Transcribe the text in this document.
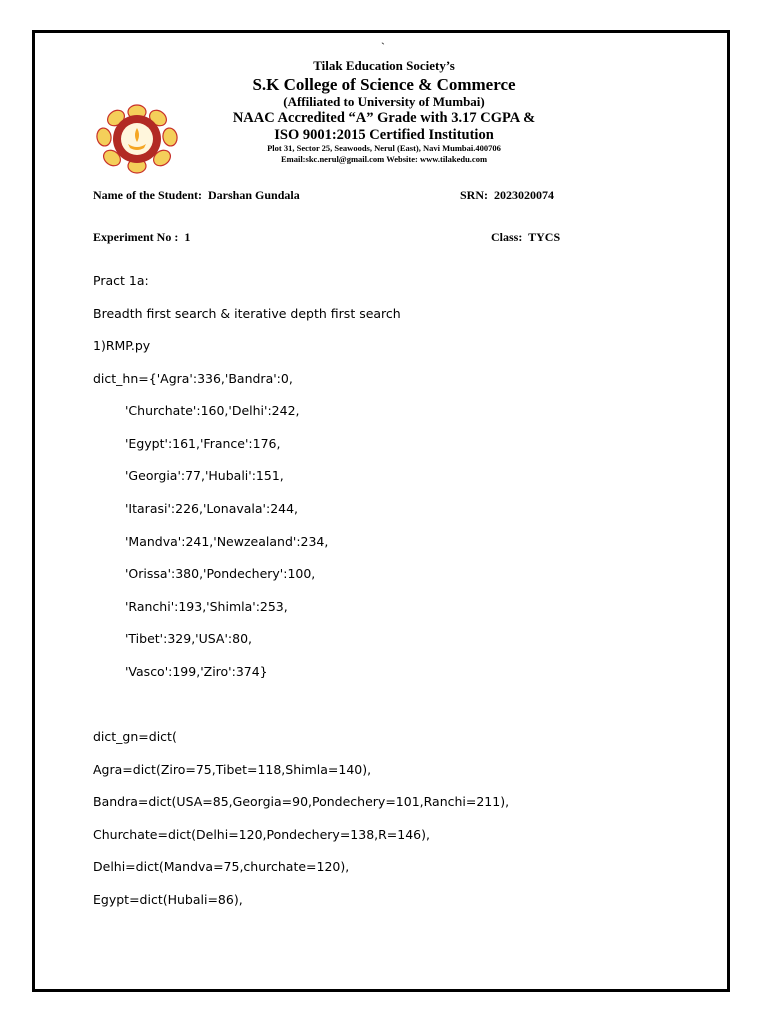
`
Tilak Education Society’s
S.K College of Science & Commerce
(Affiliated to University of Mumbai)
NAAC Accredited “A” Grade with 3.17 CGPA &
ISO 9001:2015 Certified Institution
Plot 31, Sector 25, Seawoods, Nerul (East), Navi Mumbai.400706
Email:skc.nerul@gmail.com Website: www.tilakedu.com
Name of the Student: Darshan Gundala	SRN: 2023020074
Experiment No : 1	Class: TYCS
Pract 1a:
Breadth first search & iterative depth first search
1)RMP.py
dict_hn={'Agra':336,'Bandra':0,
'Churchate':160,'Delhi':242,
'Egypt':161,'France':176,
'Georgia':77,'Hubali':151,
'Itarasi':226,'Lonavala':244,
'Mandva':241,'Newzealand':234,
'Orissa':380,'Pondechery':100,
'Ranchi':193,'Shimla':253,
'Tibet':329,'USA':80,
'Vasco':199,'Ziro':374}
dict_gn=dict(
Agra=dict(Ziro=75,Tibet=118,Shimla=140),
Bandra=dict(USA=85,Georgia=90,Pondechery=101,Ranchi=211),
Churchate=dict(Delhi=120,Pondechery=138,R=146),
Delhi=dict(Mandva=75,churchate=120),
Egypt=dict(Hubali=86),
